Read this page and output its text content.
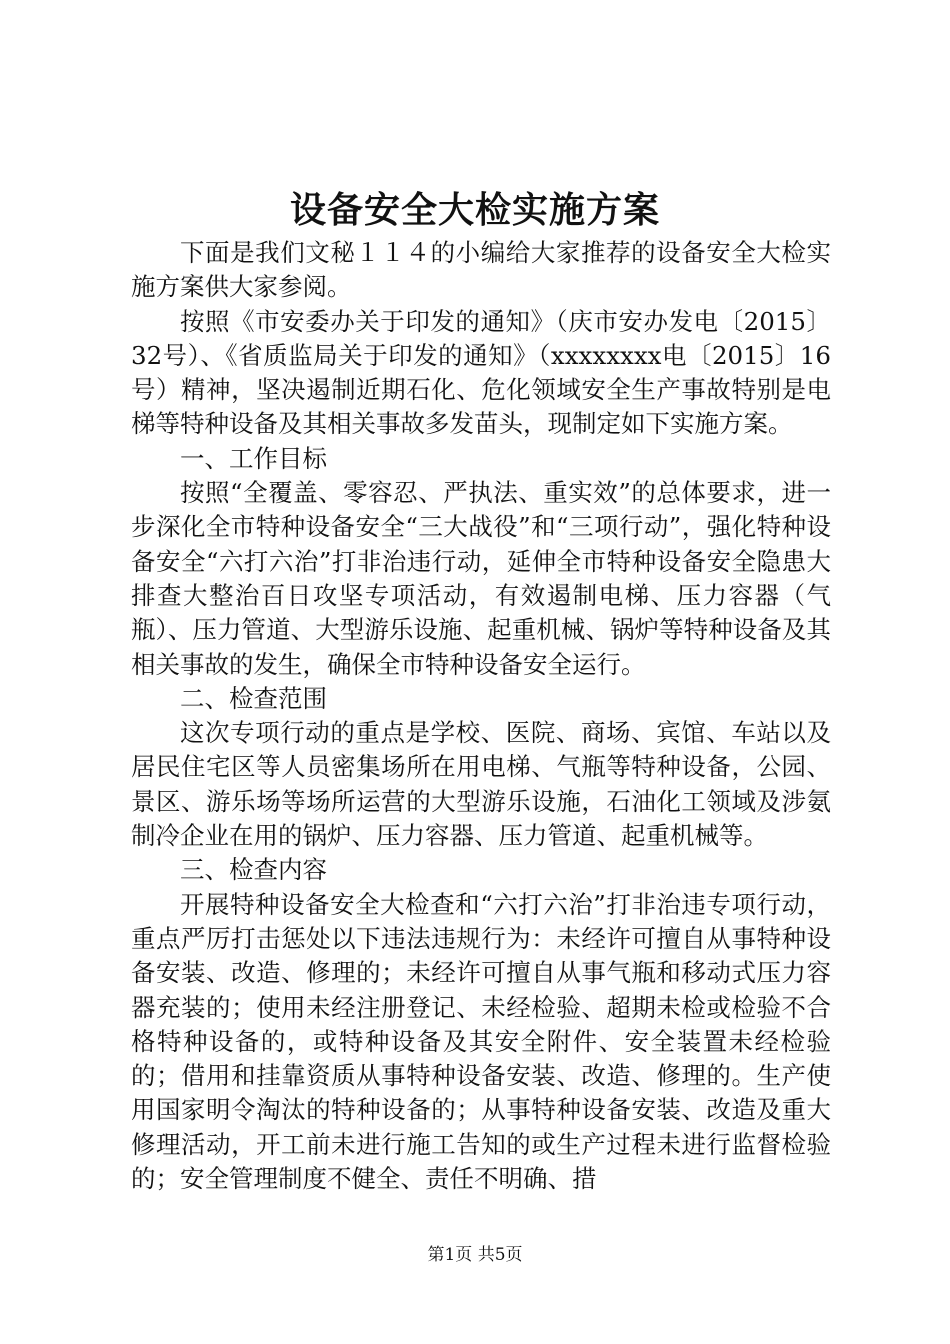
设备安全大检实施方案

下面是我们文秘１１４的小编给大家推荐的设备安全大检实施方案供大家参阅。

按照《市安委办关于印发的通知》（庆市安办发电〔2015〕32号）、《省质监局关于印发的通知》（xxxxxxxx电〔2015〕16号）精神，坚决遏制近期石化、危化领域安全生产事故特别是电梯等特种设备及其相关事故多发苗头，现制定如下实施方案。

一、工作目标

按照“全覆盖、零容忍、严执法、重实效”的总体要求，进一步深化全市特种设备安全“三大战役”和“三项行动”，强化特种设备安全“六打六治”打非治违行动，延伸全市特种设备安全隐患大排查大整治百日攻坚专项活动，有效遏制电梯、压力容器（气瓶）、压力管道、大型游乐设施、起重机械、锅炉等特种设备及其相关事故的发生，确保全市特种设备安全运行。

二、检查范围

这次专项行动的重点是学校、医院、商场、宾馆、车站以及居民住宅区等人员密集场所在用电梯、气瓶等特种设备，公园、景区、游乐场等场所运营的大型游乐设施，石油化工领域及涉氨制冷企业在用的锅炉、压力容器、压力管道、起重机械等。

三、检查内容

开展特种设备安全大检查和“六打六治”打非治违专项行动，重点严厉打击惩处以下违法违规行为：未经许可擅自从事特种设备安装、改造、修理的；未经许可擅自从事气瓶和移动式压力容器充装的；使用未经注册登记、未经检验、超期未检或检验不合格特种设备的，或特种设备及其安全附件、安全装置未经检验的；借用和挂靠资质从事特种设备安装、改造、修理的。生产使用国家明令淘汰的特种设备的；从事特种设备安装、改造及重大修理活动，开工前未进行施工告知的或生产过程未进行监督检验的；安全管理制度不健全、责任不明确、措

第1页 共5页
